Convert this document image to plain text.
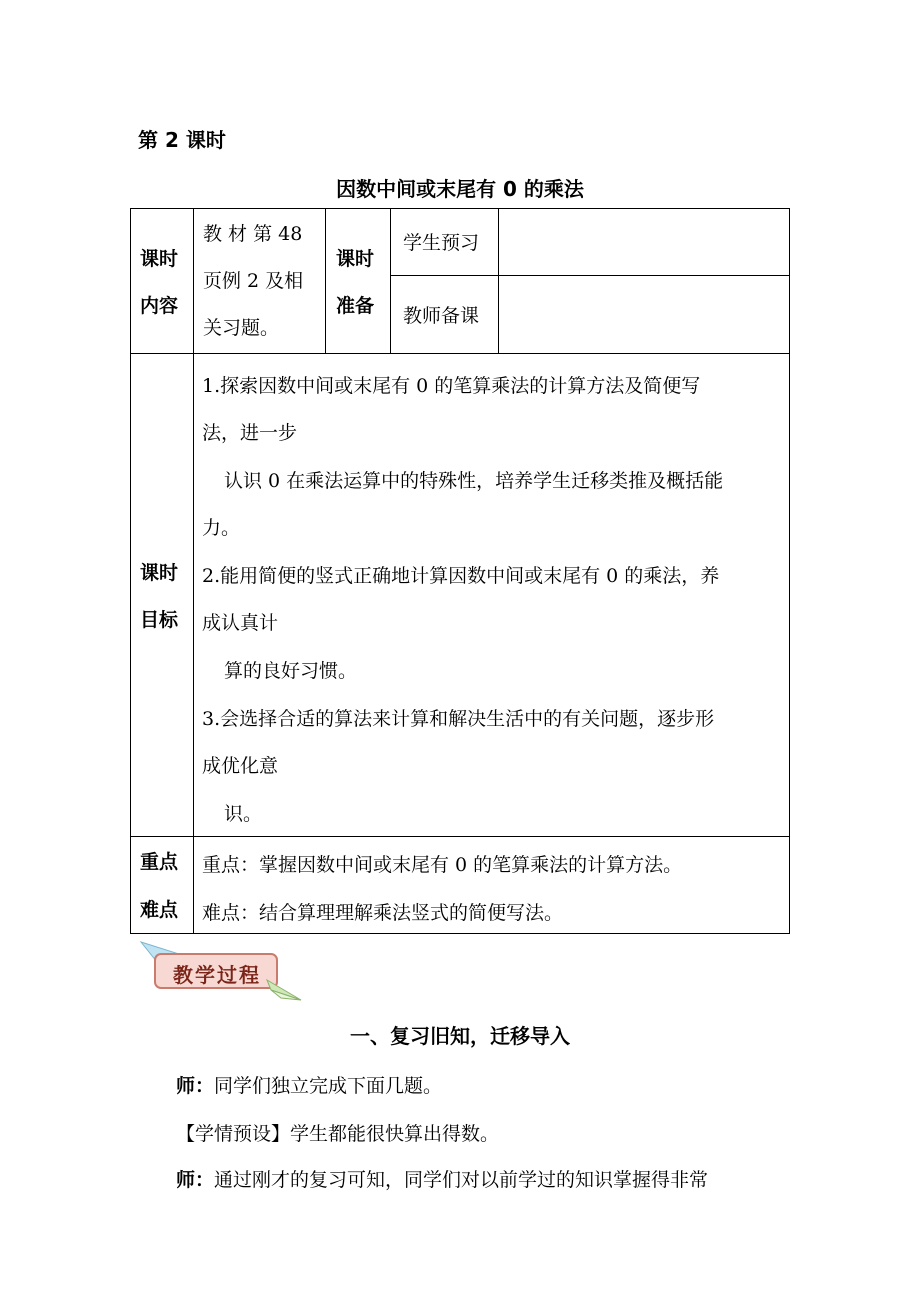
第 2 课时
因数中间或末尾有 0 的乘法
课时
内容
教 材 第 48
页例 2 及相
关习题。
课时
准备
学生预习
教师备课
课时
目标
1.探索因数中间或末尾有 0 的笔算乘法的计算方法及简便写
法，进一步
认识 0 在乘法运算中的特殊性，培养学生迁移类推及概括能
力。
2.能用简便的竖式正确地计算因数中间或末尾有 0 的乘法，养
成认真计
算的良好习惯。
3.会选择合适的算法来计算和解决生活中的有关问题，逐步形
成优化意
识。
重点
难点
重点：掌握因数中间或末尾有 0 的笔算乘法的计算方法。
难点：结合算理理解乘法竖式的简便写法。
教学过程
一、复习旧知，迁移导入
师：同学们独立完成下面几题。
【学情预设】学生都能很快算出得数。
师：通过刚才的复习可知，同学们对以前学过的知识掌握得非常
